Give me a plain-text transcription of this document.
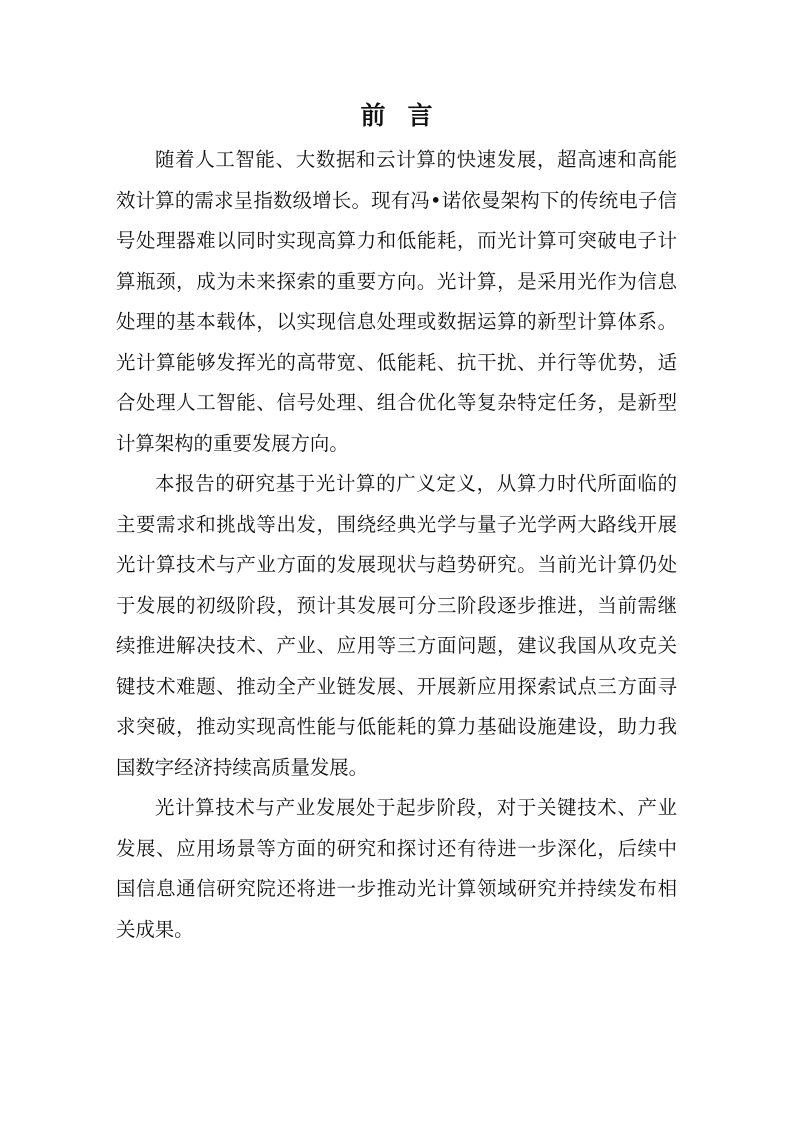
前言

随着人工智能、大数据和云计算的快速发展，超高速和高能效计算的需求呈指数级增长。现有冯•诺依曼架构下的传统电子信号处理器难以同时实现高算力和低能耗，而光计算可突破电子计算瓶颈，成为未来探索的重要方向。光计算，是采用光作为信息处理的基本载体，以实现信息处理或数据运算的新型计算体系。光计算能够发挥光的高带宽、低能耗、抗干扰、并行等优势，适合处理人工智能、信号处理、组合优化等复杂特定任务，是新型计算架构的重要发展方向。

本报告的研究基于光计算的广义定义，从算力时代所面临的主要需求和挑战等出发，围绕经典光学与量子光学两大路线开展光计算技术与产业方面的发展现状与趋势研究。当前光计算仍处于发展的初级阶段，预计其发展可分三阶段逐步推进，当前需继续推进解决技术、产业、应用等三方面问题，建议我国从攻克关键技术难题、推动全产业链发展、开展新应用探索试点三方面寻求突破，推动实现高性能与低能耗的算力基础设施建设，助力我国数字经济持续高质量发展。

光计算技术与产业发展处于起步阶段，对于关键技术、产业发展、应用场景等方面的研究和探讨还有待进一步深化，后续中国信息通信研究院还将进一步推动光计算领域研究并持续发布相关成果。
